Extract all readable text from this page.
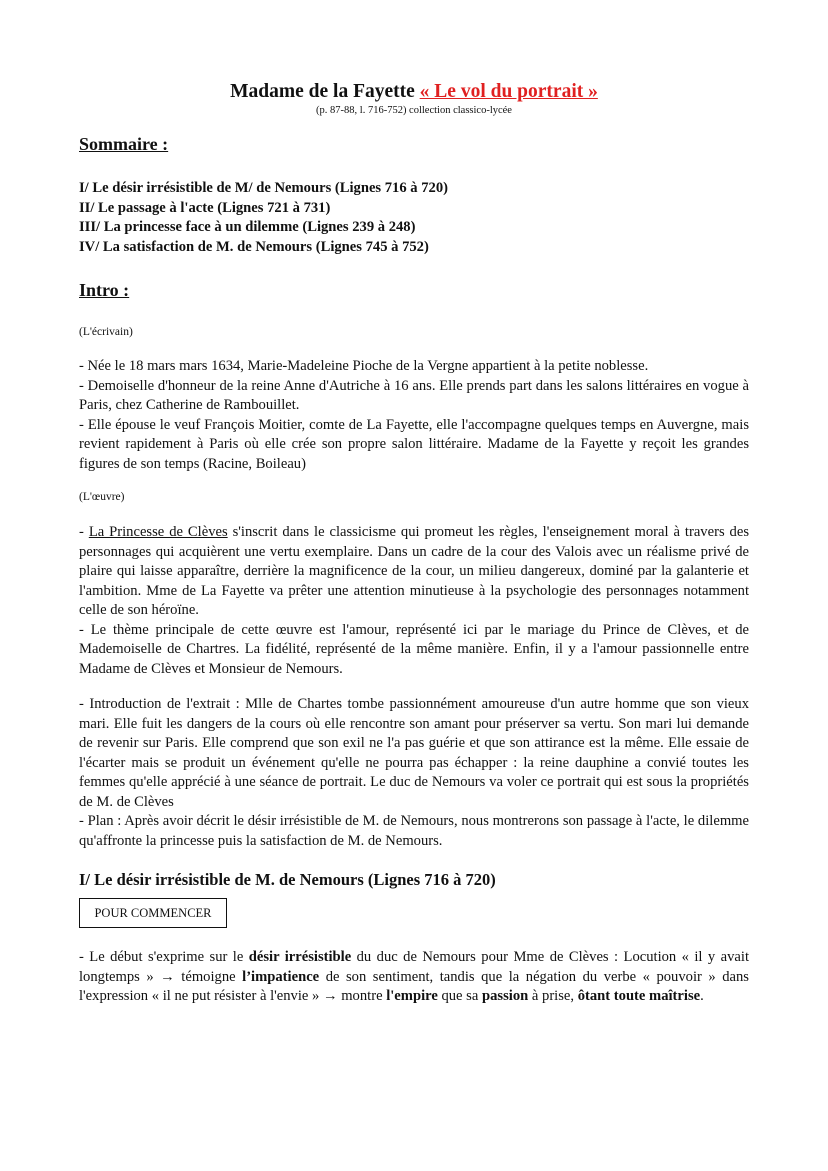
Madame de la Fayette « Le vol du portrait »
(p. 87-88, l. 716-752) collection classico-lycée
Sommaire :
I/ Le désir irrésistible de M/ de Nemours (Lignes 716 à 720)
II/ Le passage à l'acte (Lignes 721 à 731)
III/ La princesse face à un dilemme (Lignes 239 à 248)
IV/ La satisfaction de M. de Nemours (Lignes 745 à 752)
Intro :

(L'écrivain)

- Née le 18 mars mars 1634, Marie-Madeleine Pioche de la Vergne appartient à la petite noblesse.
- Demoiselle d'honneur de la reine Anne d'Autriche à 16 ans. Elle prends part dans les salons littéraires en vogue à Paris, chez Catherine de Rambouillet.
- Elle épouse le veuf François Moitier, comte de La Fayette, elle l'accompagne quelques temps en Auvergne, mais revient rapidement à Paris où elle crée son propre salon littéraire. Madame de la Fayette y reçoit les grandes figures de son temps (Racine, Boileau)

(L'œuvre)

- La Princesse de Clèves s'inscrit dans le classicisme qui promeut les règles, l'enseignement moral à travers des personnages qui acquièrent une vertu exemplaire. Dans un cadre de la cour des Valois avec un réalisme privé de plaire qui laisse apparaître, derrière la magnificence de la cour, un milieu dangereux, dominé par la galanterie et l'ambition. Mme de La Fayette va prêter une attention minutieuse à la psychologie des personnages notamment celle de son héroïne.
- Le thème principale de cette œuvre est l'amour, représenté ici par le mariage du Prince de Clèves, et de Mademoiselle de Chartres. La fidélité, représenté de la même manière. Enfin, il y a l'amour passionnelle entre Madame de Clèves et Monsieur de Nemours.
- Introduction de l'extrait : Mlle de Chartes tombe passionnément amoureuse d'un autre homme que son vieux mari. Elle fuit les dangers de la cours où elle rencontre son amant pour préserver sa vertu. Son mari lui demande de revenir sur Paris. Elle comprend que son exil ne l'a pas guérie et que son attirance est la même. Elle essaie de l'écarter mais se produit un événement qu'elle ne pourra pas échapper : la reine dauphine a convié toutes les femmes qu'elle apprécié à une séance de portrait. Le duc de Nemours va voler ce portrait qui est sous la propriétés de M. de Clèves
- Plan : Après avoir décrit le désir irrésistible de M. de Nemours, nous montrerons son passage à l'acte, le dilemme qu'affronte la princesse puis la satisfaction de M. de Nemours.
I/ Le désir irrésistible de M. de Nemours (Lignes 716 à 720)
POUR COMMENCER
- Le début s'exprime sur le désir irrésistible du duc de Nemours pour Mme de Clèves : Locution « il y avait longtemps » → témoigne l’impatience de son sentiment, tandis que la négation du verbe « pouvoir » dans l'expression « il ne put résister à l'envie » → montre l'empire que sa passion à prise, ôtant toute maîtrise.
